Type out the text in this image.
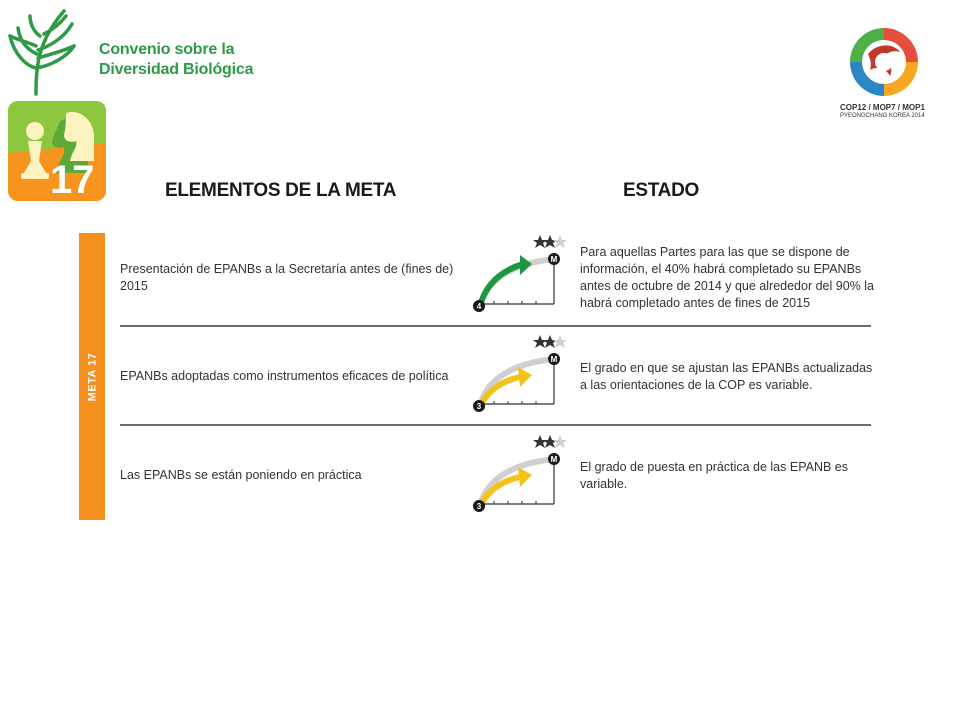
Convenio sobre la
Diversidad Biológica
COP12 / MOP7 / MOP1
PYEONGCHANG KOREA 2014
17	ELEMENTOS DE LA META	ESTADO
META 17
Presentación de EPANBs a la Secretaría antes de (fines de) 2015
M
4
Para aquellas Partes para las que se dispone de información, el 40% habrá completado su EPANBs antes de octubre de 2014 y que alrededor del 90% la habrá completado antes de fines de 2015
EPANBs adoptadas como instrumentos eficaces de política
M
3
El grado en que se ajustan las EPANBs actualizadas a las orientaciones de la COP es variable.
Las EPANBs se están poniendo en práctica
M
3
El grado de puesta en práctica de las EPANB es variable.
